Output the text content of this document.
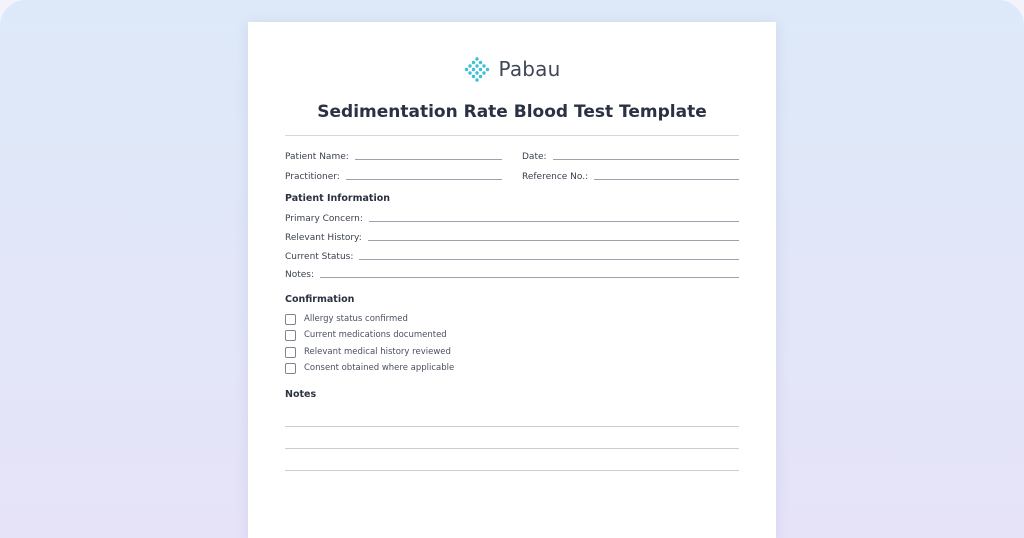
Pabau
Sedimentation Rate Blood Test Template
Patient Name:	Date:
Practitioner:	Reference No.:
Patient Information
Primary Concern:
Relevant History:
Current Status:
Notes:
Confirmation
Allergy status confirmed
Current medications documented
Relevant medical history reviewed
Consent obtained where applicable
Notes
